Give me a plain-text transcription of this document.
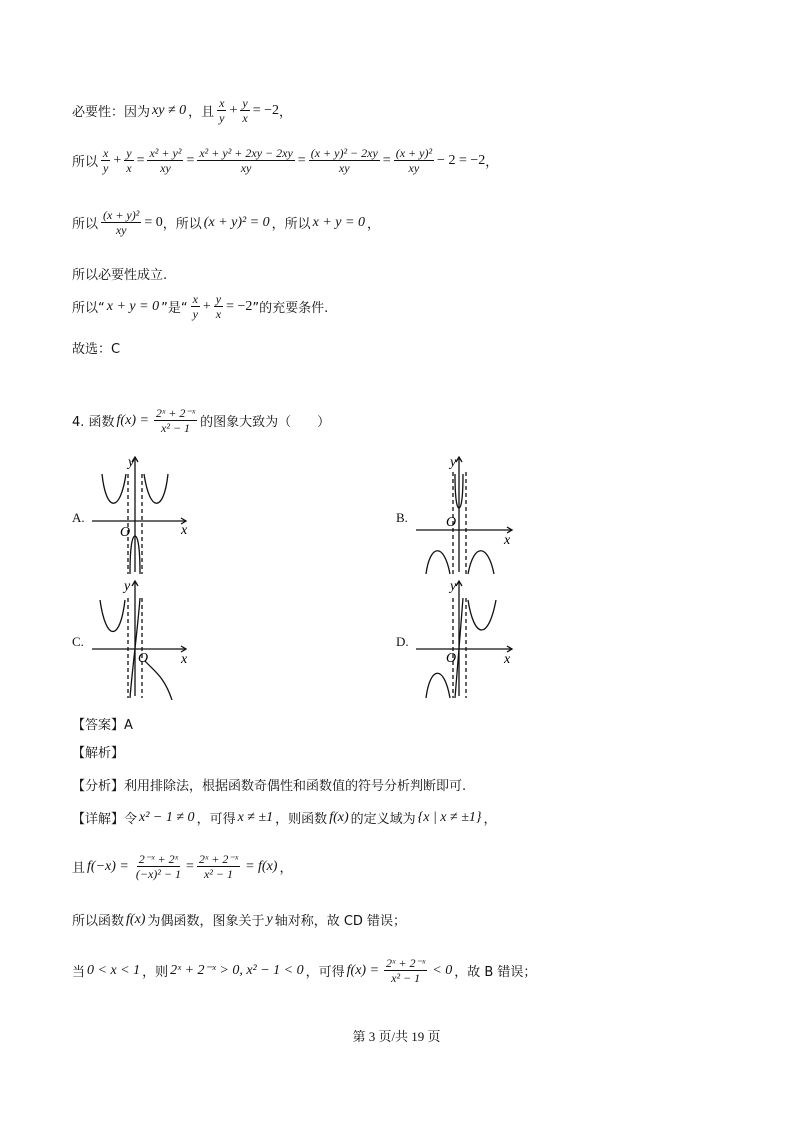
必要性：因为 xy ≠ 0 ，且 $\frac{x}{y} + \frac{y}{x} = -2$ ，
所以 $\frac{x}{y} + \frac{y}{x} = \frac{\text{x² + y²}}{xy} = \frac{\text{x² + y² + 2xy − 2xy}}{xy} = \frac{\text{(x + y)² − 2xy}}{xy} = \frac{\text{(x + y)²}}{xy} - 2 = -2$ ，
所以 $\frac{\text{(x + y)²}}{xy} = 0$ ，所以 (x + y)² = 0 ，所以 x + y = 0 ，
所以必要性成立.
所以“ x + y = 0 ”是“ $\frac{x}{y} + \frac{y}{x} = -2$ ”的充要条件.
故选：C
4. 函数 $f(x) = \frac{\text{2ˣ + 2⁻ˣ}}{\text{x² − 1}}$ 的图象大致为（　　）
A.	B.
C.	D.
y
x
O
y
x
O
y
x
O
y
x
O
【答案】A
【解析】
【分析】利用排除法，根据函数奇偶性和函数值的符号分析判断即可.
【详解】令 x² − 1 ≠ 0 ，可得 x ≠ ±1 ，则函数 f(x) 的定义域为 {x | x ≠ ±1} ，
且 $f(-x) = \frac{\text{2⁻ˣ + 2ˣ}}{\text{(−x)² − 1}} = \frac{\text{2ˣ + 2⁻ˣ}}{\text{x² − 1}} = f(x)$ ，
所以函数 f(x) 为偶函数，图象关于 y 轴对称，故 CD 错误；
当 0 < x < 1 ，则 2ˣ + 2⁻ˣ > 0, x² − 1 < 0 ，可得 $f(x) = \frac{\text{2ˣ + 2⁻ˣ}}{\text{x² − 1}} < 0$ ，故 B 错误；
第 3 页/共 19 页
